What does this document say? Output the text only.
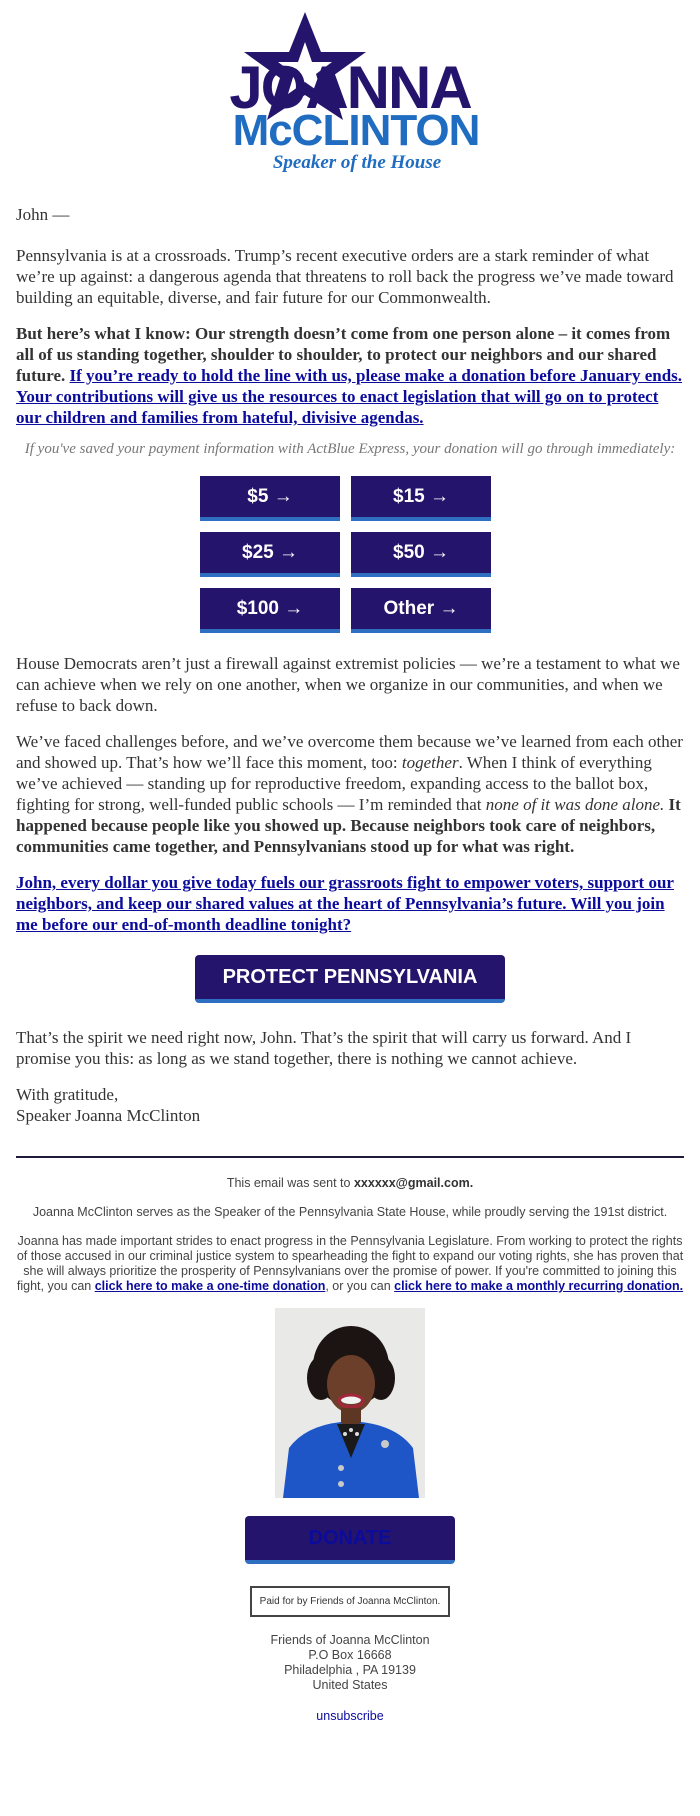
JOANNA
McCLINTON
Speaker of the House

John —

Pennsylvania is at a crossroads. Trump’s recent executive orders are a stark reminder of what we’re up against: a dangerous agenda that threatens to roll back the progress we’ve made toward building an equitable, diverse, and fair future for our Commonwealth.

But here’s what I know: Our strength doesn’t come from one person alone – it comes from all of us standing together, shoulder to shoulder, to protect our neighbors and our shared future. If you’re ready to hold the line with us, please make a donation before January ends. Your contributions will give us the resources to enact legislation that will go on to protect our children and families from hateful, divisive agendas.

If you've saved your payment information with ActBlue Express, your donation will go through immediately:

$5 →	$15 →
$25 →	$50 →
$100 →	Other →

House Democrats aren’t just a firewall against extremist policies — we’re a testament to what we can achieve when we rely on one another, when we organize in our communities, and when we refuse to back down.

We’ve faced challenges before, and we’ve overcome them because we’ve learned from each other and showed up. That’s how we’ll face this moment, too: together. When I think of everything we’ve achieved — standing up for reproductive freedom, expanding access to the ballot box, fighting for strong, well-funded public schools — I’m reminded that none of it was done alone. It happened because people like you showed up. Because neighbors took care of neighbors, communities came together, and Pennsylvanians stood up for what was right.

John, every dollar you give today fuels our grassroots fight to empower voters, support our neighbors, and keep our shared values at the heart of Pennsylvania’s future. Will you join me before our end-of-month deadline tonight?

PROTECT PENNSYLVANIA

That’s the spirit we need right now, John. That’s the spirit that will carry us forward. And I promise you this: as long as we stand together, there is nothing we cannot achieve.

With gratitude,

Speaker Joanna McClinton

This email was sent to xxxxxx@gmail.com.

Joanna McClinton serves as the Speaker of the Pennsylvania State House, while proudly serving the 191st district.

Joanna has made important strides to enact progress in the Pennsylvania Legislature. From working to protect the rights of those accused in our criminal justice system to spearheading the fight to expand our voting rights, she has proven that she will always prioritize the prosperity of Pennsylvanians over the promise of power. If you're committed to joining this fight, you can click here to make a one-time donation, or you can click here to make a monthly recurring donation.

DONATE
Paid for by Friends of Joanna McClinton.
Friends of Joanna McClinton
P.O Box 16668
Philadelphia , PA 19139
United States
unsubscribe
